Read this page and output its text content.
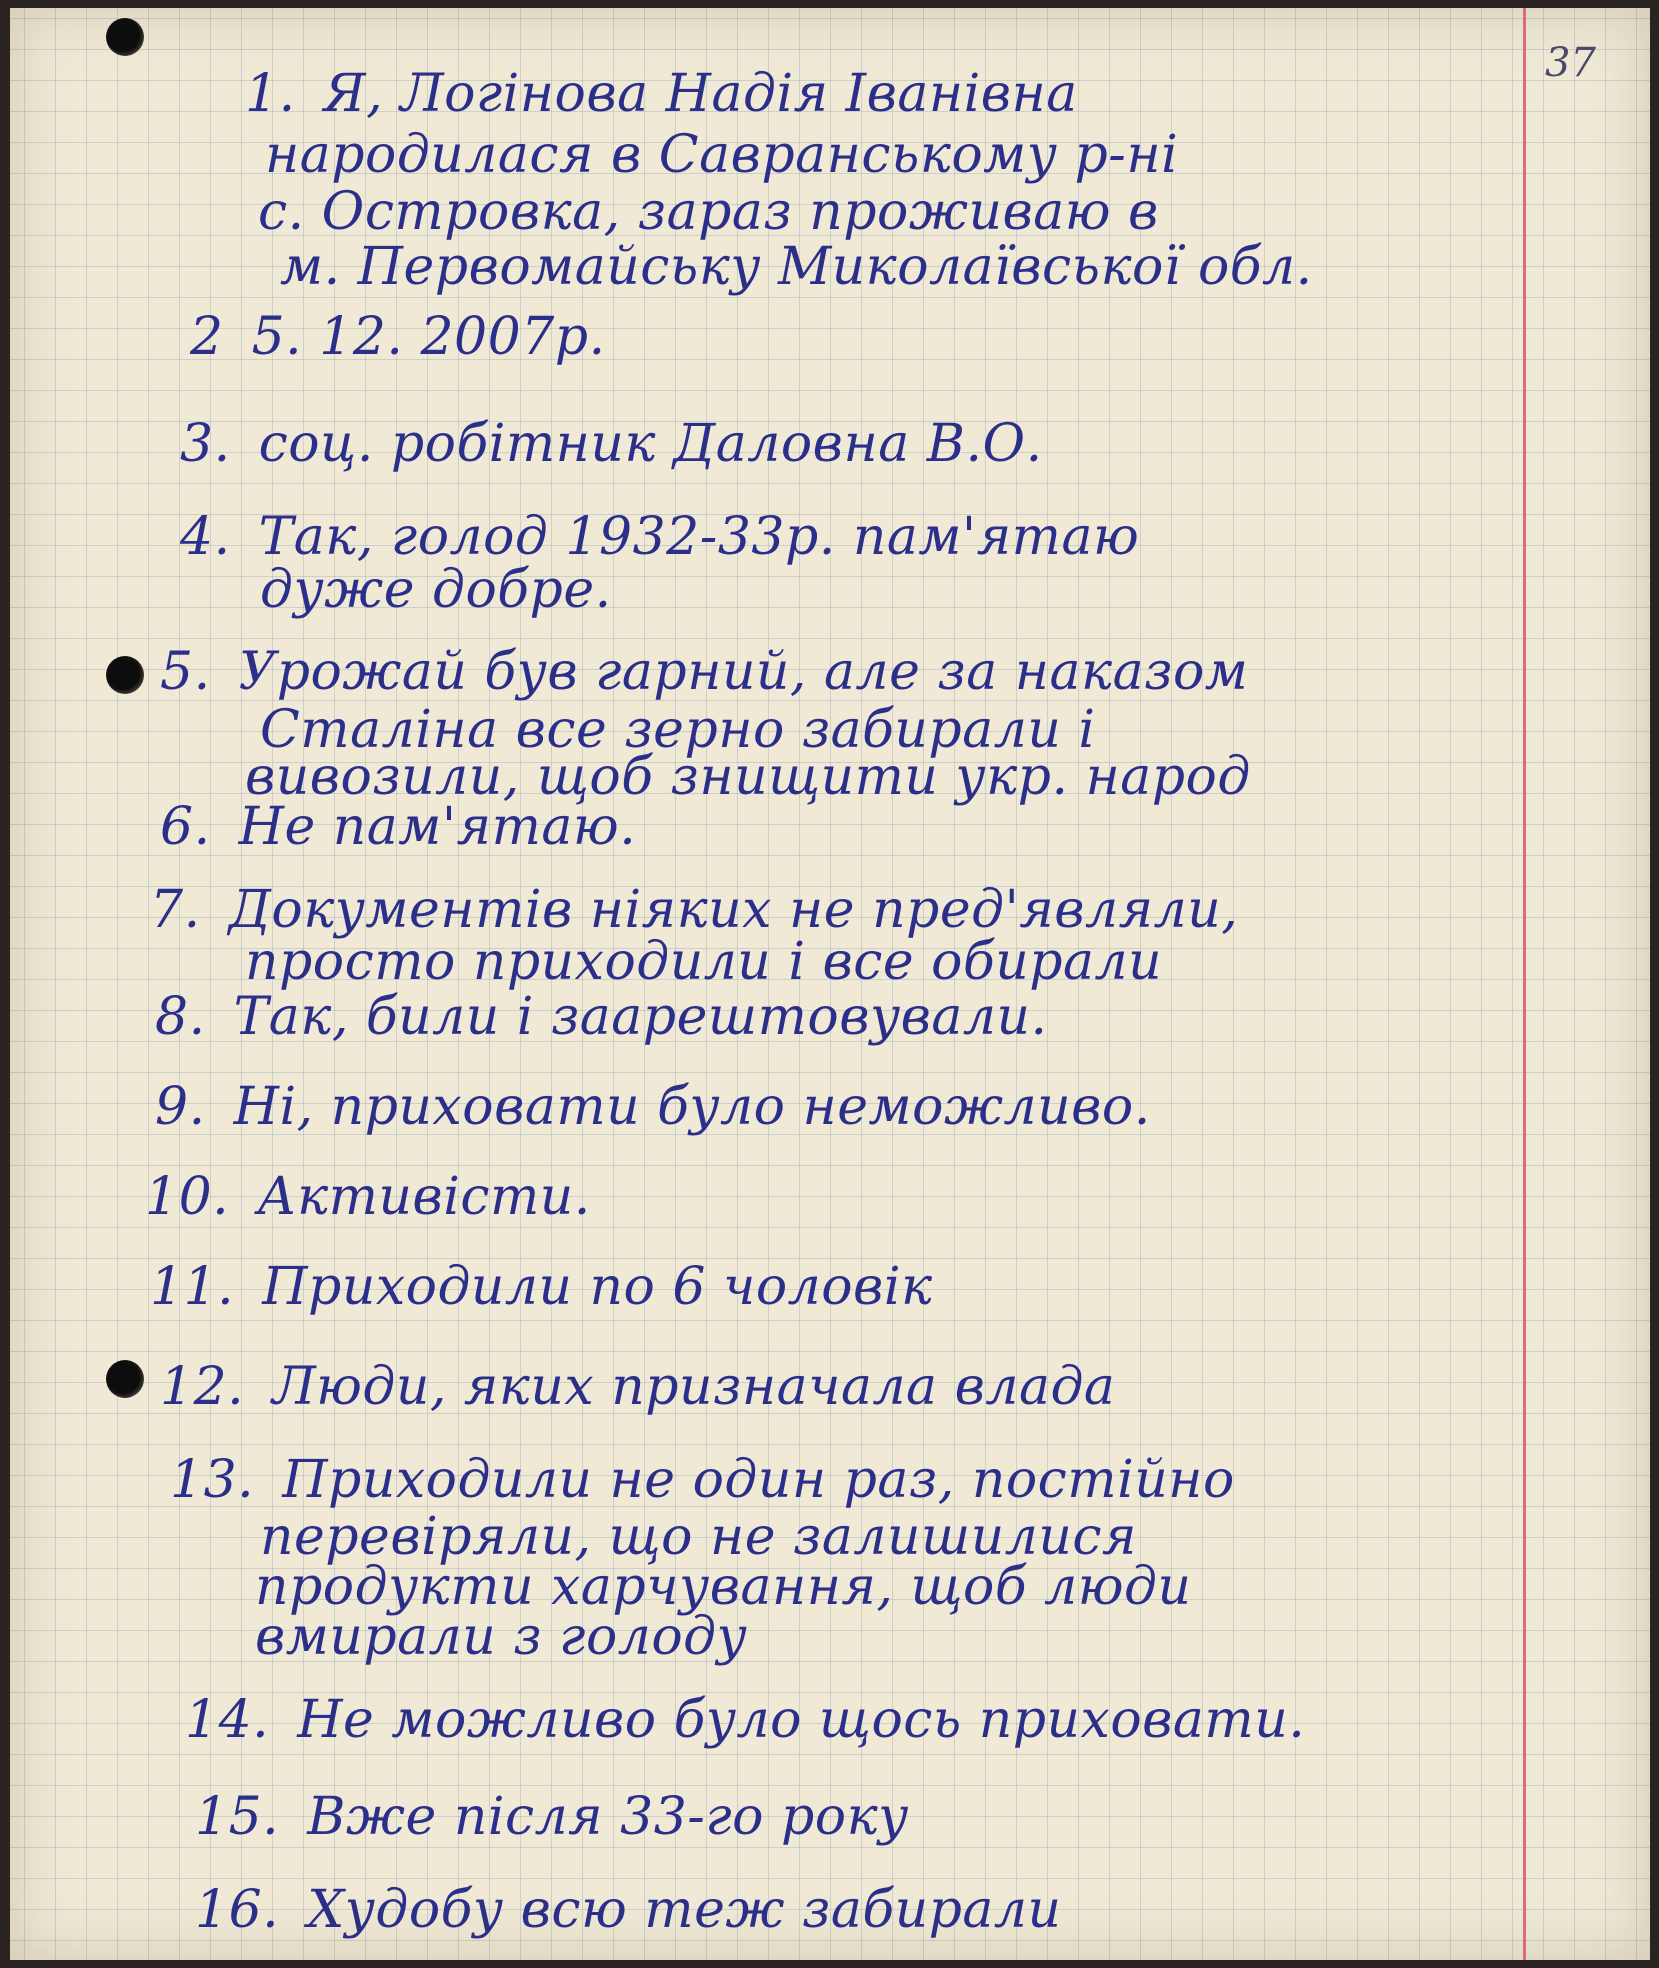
37
1. Я, Логінова Надія Іванівна
народилася в Савранському р-ні
с. Островка, зараз проживаю в
м. Первомайську Миколаївської обл.
2 5. 12. 2007р.
3. соц. робітник Даловна В.О.
4. Так, голод 1932-33р. пам'ятаю
дуже добре.
5. Урожай був гарний, але за наказом
Сталіна все зерно забирали і
вивозили, щоб знищити укр. народ
6. Не пам'ятаю.
7. Документів ніяких не пред'являли,
просто приходили і все обирали
8. Так, били і заарештовували.
9. Ні, приховати було неможливо.
10. Активісти.
11. Приходили по 6 чоловік
12. Люди, яких призначала влада
13. Приходили не один раз, постійно
перевіряли, що не залишилися
продукти харчування, щоб люди
вмирали з голоду
14. Не можливо було щось приховати.
15. Вже після 33-го року
16. Худобу всю теж забирали
